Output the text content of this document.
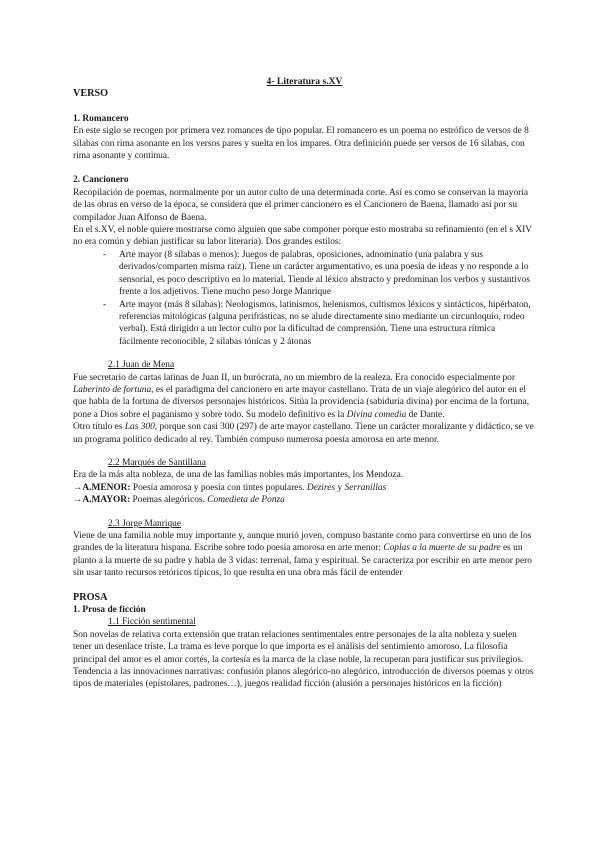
4- Literatura s.XV

VERSO

1. Romancero

En este siglo se recogen por primera vez romances de tipo popular. El romancero es un poema no estrófico de versos de 8 sílabas con rima asonante en los versos pares y suelta en los impares. Otra definición puede ser versos de 16 sílabas, con rima asonante y continua.

2. Cancionero

Recopilación de poemas, normalmente por un autor culto de una determinada corte. Así es como se conservan la mayoría de las obras en verso de la época, se considera que el primer cancionero es el Cancionero de Baena, llamado así por su compilador Juan Alfonso de Baena.

En el s.XV, el noble quiere mostrarse como alguien que sabe componer porque esto mostraba su refinamiento (en el s XIV no era común y debían justificar su labor literaria). Dos grandes estilos:

- Arte mayor (8 sílabas o menos): Juegos de palabras, oposiciones, adnominatio (una palabra y sus derivados/comparten misma raíz). Tiene un carácter argumentativo, es una poesía de ideas y no responde a lo sensorial, es poco descriptivo en lo material. Tiende al léxico abstracto y predominan los verbos y sustantivos frente a los adjetivos. Tiene mucho peso Jorge Manrique
- Arte mayor (más 8 sílabas): Neologismos, latinismos, helenismos, cultismos léxicos y sintácticos, hipérbaton, referencias mitológicas (alguna perifrásticas, no se alude directamente sino mediante un circunloquio, rodeo verbal). Está dirigido a un lector culto por la dificultad de comprensión. Tiene una estructura rítmica fácilmente reconocible, 2 sílabas tónicas y 2 átonas

2.1 Juan de Mena

Fue secretario de cartas latinas de Juan II, un burócrata, no un miembro de la realeza. Era conocido especialmente por Laberinto de fortuna, es el paradigma del cancionero en arte mayor castellano. Trata de un viaje alegórico del autor en el que habla de la fortuna de diversos personajes históricos. Sitúa la providencia (sabiduría divina) por encima de la fortuna, pone a Dios sobre el paganismo y sobre todo. Su modelo definitivo es la Divina comedia de Dante.

Otro título es Las 300, porque son casi 300 (297) de arte mayor castellano. Tiene un carácter moralizante y didáctico, se ve un programa político dedicado al rey. También compuso numerosa poesía amorosa en arte menor.

2.2 Marqués de Santillana

Era de la más alta nobleza, de una de las familias nobles más importantes, los Mendoza.

→A.MENOR: Poesía amorosa y poesía con tintes populares. Dezires y Serranillas

→A.MAYOR: Poemas alegóricos. Comedieta de Ponza

2.3 Jorge Manrique

Viene de una familia noble muy importante y, aunque murió joven, compuso bastante como para convertirse en uno de los grandes de la literatura hispana. Escribe sobre todo poesía amorosa en arte menor: Coplas a la muerte de su padre es un planto a la muerte de su padre y habla de 3 vidas: terrenal, fama y espiritual. Se caracteriza por escribir en arte menor pero sin usar tanto recursos retóricos típicos, lo que resulta en una obra más fácil de entender

PROSA

1. Prosa de ficción

1.1 Ficción sentimental

Son novelas de relativa corta extensión que tratan relaciones sentimentales entre personajes de la alta nobleza y suelen tener un desenlace triste. La trama es leve porque lo que importa es el análisis del sentimiento amoroso. La filosofía principal del amor es el amor cortés, la cortesía es la marca de la clase noble, la recuperan para justificar sus privilegios. Tendencia a las innovaciones narrativas: confusión planos alegórico-no alegórico, introducción de diversos poemas y otros tipos de materiales (epístolares, padrones…), juegos realidad ficción (alusión a personajes históricos en la ficción)
